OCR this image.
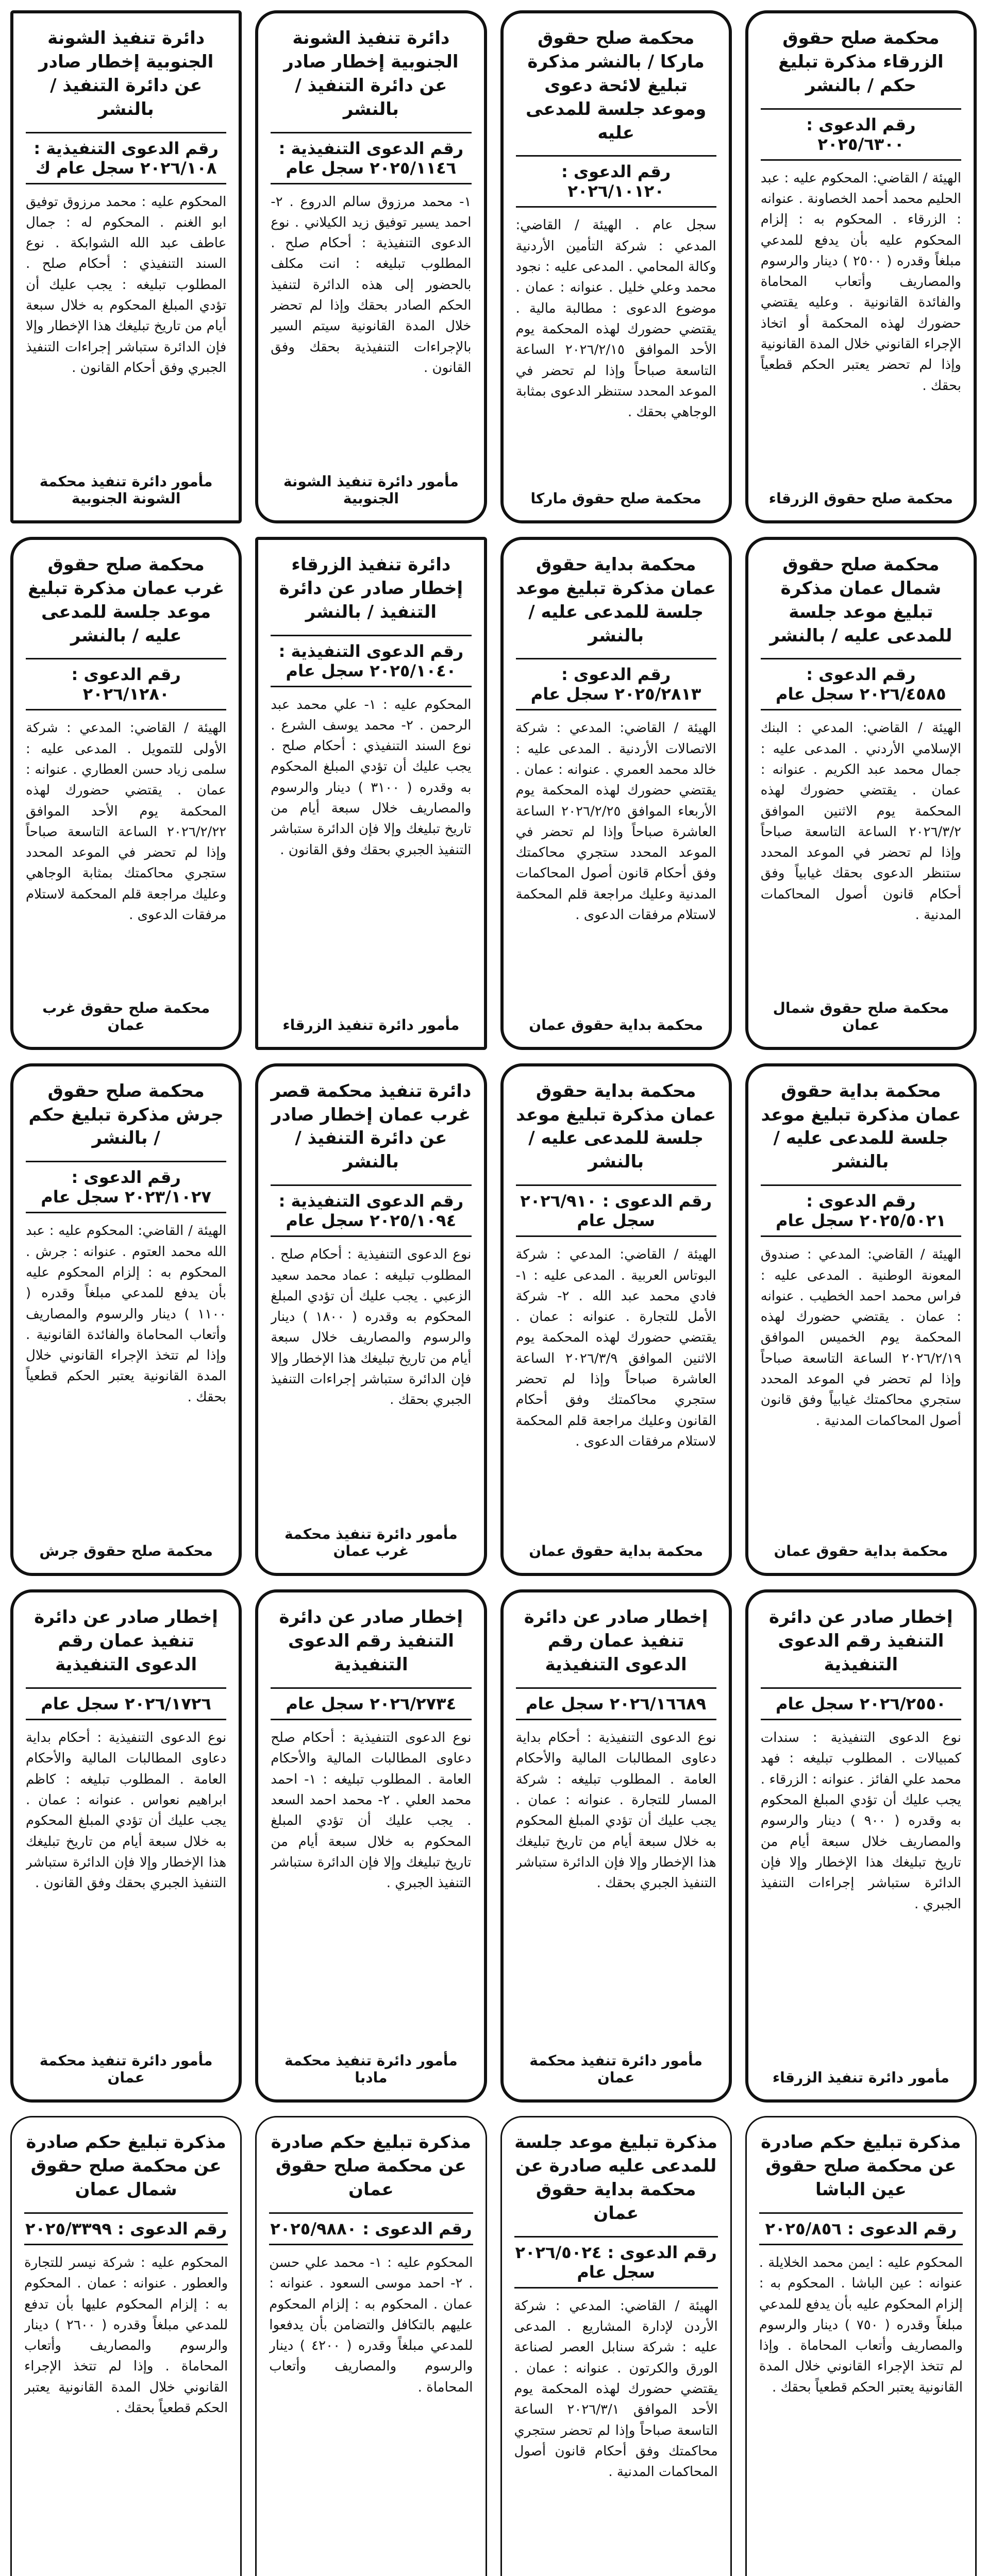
محكمة صلح حقوق الزرقاء مذكرة تبليغ حكم / بالنشر
رقم الدعوى : ٢٠٢٥/٦٣٠٠
الهيئة / القاضي: المحكوم عليه : عبد الحليم محمد أحمد الخصاونة . عنوانه : الزرقاء . المحكوم به : إلزام المحكوم عليه بأن يدفع للمدعي مبلغاً وقدره ( ٢٥٠٠ ) دينار والرسوم والمصاريف وأتعاب المحاماة والفائدة القانونية . وعليه يقتضي حضورك لهذه المحكمة أو اتخاذ الإجراء القانوني خلال المدة القانونية وإذا لم تحضر يعتبر الحكم قطعياً بحقك .
محكمة صلح حقوق الزرقاء
محكمة صلح حقوق ماركا / بالنشر مذكرة تبليغ لائحة دعوى وموعد جلسة للمدعى عليه
رقم الدعوى : ٢٠٢٦/١٠١٢٠
سجل عام . الهيئة / القاضي: المدعي : شركة التأمين الأردنية وكالة المحامي . المدعى عليه : نجود محمد وعلي خليل . عنوانه : عمان . موضوع الدعوى : مطالبة مالية . يقتضي حضورك لهذه المحكمة يوم الأحد الموافق ٢٠٢٦/٢/١٥ الساعة التاسعة صباحاً وإذا لم تحضر في الموعد المحدد ستنظر الدعوى بمثابة الوجاهي بحقك .
محكمة صلح حقوق ماركا
دائرة تنفيذ الشونة الجنوبية إخطار صادر عن دائرة التنفيذ / بالنشر
رقم الدعوى التنفيذية : ٢٠٢٥/١١٤٦ سجل عام
١- محمد مرزوق سالم الدروع . ٢- احمد يسير توفيق زيد الكيلاني . نوع الدعوى التنفيذية : أحكام صلح . المطلوب تبليغه : انت مكلف بالحضور إلى هذه الدائرة لتنفيذ الحكم الصادر بحقك وإذا لم تحضر خلال المدة القانونية سيتم السير بالإجراءات التنفيذية بحقك وفق القانون .
مأمور دائرة تنفيذ الشونة الجنوبية
دائرة تنفيذ الشونة الجنوبية إخطار صادر عن دائرة التنفيذ / بالنشر
رقم الدعوى التنفيذية : ٢٠٢٦/١٠٨ سجل عام ك
المحكوم عليه : محمد مرزوق توفيق ابو الغنم . المحكوم له : جمال عاطف عبد الله الشوابكة . نوع السند التنفيذي : أحكام صلح . المطلوب تبليغه : يجب عليك أن تؤدي المبلغ المحكوم به خلال سبعة أيام من تاريخ تبليغك هذا الإخطار وإلا فإن الدائرة ستباشر إجراءات التنفيذ الجبري وفق أحكام القانون .
مأمور دائرة تنفيذ محكمة الشونة الجنوبية
محكمة صلح حقوق شمال عمان مذكرة تبليغ موعد جلسة للمدعى عليه / بالنشر
رقم الدعوى : ٢٠٢٦/٤٥٨٥ سجل عام
الهيئة / القاضي: المدعي : البنك الإسلامي الأردني . المدعى عليه : جمال محمد عبد الكريم . عنوانه : عمان . يقتضي حضورك لهذه المحكمة يوم الاثنين الموافق ٢٠٢٦/٣/٢ الساعة التاسعة صباحاً وإذا لم تحضر في الموعد المحدد ستنظر الدعوى بحقك غيابياً وفق أحكام قانون أصول المحاكمات المدنية .
محكمة صلح حقوق شمال عمان
محكمة بداية حقوق عمان مذكرة تبليغ موعد جلسة للمدعى عليه / بالنشر
رقم الدعوى : ٢٠٢٥/٢٨١٣ سجل عام
الهيئة / القاضي: المدعي : شركة الاتصالات الأردنية . المدعى عليه : خالد محمد العمري . عنوانه : عمان . يقتضي حضورك لهذه المحكمة يوم الأربعاء الموافق ٢٠٢٦/٢/٢٥ الساعة العاشرة صباحاً وإذا لم تحضر في الموعد المحدد ستجري محاكمتك وفق أحكام قانون أصول المحاكمات المدنية وعليك مراجعة قلم المحكمة لاستلام مرفقات الدعوى .
محكمة بداية حقوق عمان
دائرة تنفيذ الزرقاء إخطار صادر عن دائرة التنفيذ / بالنشر
رقم الدعوى التنفيذية : ٢٠٢٥/١٠٤٠ سجل عام
المحكوم عليه : ١- علي محمد عبد الرحمن . ٢- محمد يوسف الشرع . نوع السند التنفيذي : أحكام صلح . يجب عليك أن تؤدي المبلغ المحكوم به وقدره ( ٣١٠٠ ) دينار والرسوم والمصاريف خلال سبعة أيام من تاريخ تبليغك وإلا فإن الدائرة ستباشر التنفيذ الجبري بحقك وفق القانون .
مأمور دائرة تنفيذ الزرقاء
محكمة صلح حقوق غرب عمان مذكرة تبليغ موعد جلسة للمدعى عليه / بالنشر
رقم الدعوى : ٢٠٢٦/١٢٨٠
الهيئة / القاضي: المدعي : شركة الأولى للتمويل . المدعى عليه : سلمى زياد حسن العطاري . عنوانه : عمان . يقتضي حضورك لهذه المحكمة يوم الأحد الموافق ٢٠٢٦/٢/٢٢ الساعة التاسعة صباحاً وإذا لم تحضر في الموعد المحدد ستجري محاكمتك بمثابة الوجاهي وعليك مراجعة قلم المحكمة لاستلام مرفقات الدعوى .
محكمة صلح حقوق غرب عمان
محكمة بداية حقوق عمان مذكرة تبليغ موعد جلسة للمدعى عليه / بالنشر
رقم الدعوى : ٢٠٢٥/٥٠٢١ سجل عام
الهيئة / القاضي: المدعي : صندوق المعونة الوطنية . المدعى عليه : فراس محمد احمد الخطيب . عنوانه : عمان . يقتضي حضورك لهذه المحكمة يوم الخميس الموافق ٢٠٢٦/٢/١٩ الساعة التاسعة صباحاً وإذا لم تحضر في الموعد المحدد ستجري محاكمتك غيابياً وفق قانون أصول المحاكمات المدنية .
محكمة بداية حقوق عمان
محكمة بداية حقوق عمان مذكرة تبليغ موعد جلسة للمدعى عليه / بالنشر
رقم الدعوى : ٢٠٢٦/٩١٠ سجل عام
الهيئة / القاضي: المدعي : شركة البوتاس العربية . المدعى عليه : ١- فادي محمد عبد الله . ٢- شركة الأمل للتجارة . عنوانه : عمان . يقتضي حضورك لهذه المحكمة يوم الاثنين الموافق ٢٠٢٦/٣/٩ الساعة العاشرة صباحاً وإذا لم تحضر ستجري محاكمتك وفق أحكام القانون وعليك مراجعة قلم المحكمة لاستلام مرفقات الدعوى .
محكمة بداية حقوق عمان
دائرة تنفيذ محكمة قصر غرب عمان إخطار صادر عن دائرة التنفيذ / بالنشر
رقم الدعوى التنفيذية : ٢٠٢٥/١٠٩٤ سجل عام
نوع الدعوى التنفيذية : أحكام صلح . المطلوب تبليغه : عماد محمد سعيد الزعبي . يجب عليك أن تؤدي المبلغ المحكوم به وقدره ( ١٨٠٠ ) دينار والرسوم والمصاريف خلال سبعة أيام من تاريخ تبليغك هذا الإخطار وإلا فإن الدائرة ستباشر إجراءات التنفيذ الجبري بحقك .
مأمور دائرة تنفيذ محكمة غرب عمان
محكمة صلح حقوق جرش مذكرة تبليغ حكم / بالنشر
رقم الدعوى : ٢٠٢٣/١٠٢٧ سجل عام
الهيئة / القاضي: المحكوم عليه : عبد الله محمد العتوم . عنوانه : جرش . المحكوم به : إلزام المحكوم عليه بأن يدفع للمدعي مبلغاً وقدره ( ١١٠٠ ) دينار والرسوم والمصاريف وأتعاب المحاماة والفائدة القانونية . وإذا لم تتخذ الإجراء القانوني خلال المدة القانونية يعتبر الحكم قطعياً بحقك .
محكمة صلح حقوق جرش
إخطار صادر عن دائرة التنفيذ رقم الدعوى التنفيذية
٢٠٢٦/٢٥٥٠ سجل عام
نوع الدعوى التنفيذية : سندات كمبيالات . المطلوب تبليغه : فهد محمد علي الفائز . عنوانه : الزرقاء . يجب عليك أن تؤدي المبلغ المحكوم به وقدره ( ٩٠٠ ) دينار والرسوم والمصاريف خلال سبعة أيام من تاريخ تبليغك هذا الإخطار وإلا فإن الدائرة ستباشر إجراءات التنفيذ الجبري .
مأمور دائرة تنفيذ الزرقاء
إخطار صادر عن دائرة تنفيذ عمان رقم الدعوى التنفيذية
٢٠٢٦/١٦٦٨٩ سجل عام
نوع الدعوى التنفيذية : أحكام بداية دعاوى المطالبات المالية والأحكام العامة . المطلوب تبليغه : شركة المسار للتجارة . عنوانه : عمان . يجب عليك أن تؤدي المبلغ المحكوم به خلال سبعة أيام من تاريخ تبليغك هذا الإخطار وإلا فإن الدائرة ستباشر التنفيذ الجبري بحقك .
مأمور دائرة تنفيذ محكمة عمان
إخطار صادر عن دائرة التنفيذ رقم الدعوى التنفيذية
٢٠٢٦/٢٧٣٤ سجل عام
نوع الدعوى التنفيذية : أحكام صلح دعاوى المطالبات المالية والأحكام العامة . المطلوب تبليغه : ١- احمد محمد العلي . ٢- محمد احمد السعد . يجب عليك أن تؤدي المبلغ المحكوم به خلال سبعة أيام من تاريخ تبليغك وإلا فإن الدائرة ستباشر التنفيذ الجبري .
مأمور دائرة تنفيذ محكمة مادبا
إخطار صادر عن دائرة تنفيذ عمان رقم الدعوى التنفيذية
٢٠٢٦/١٧٢٦ سجل عام
نوع الدعوى التنفيذية : أحكام بداية دعاوى المطالبات المالية والأحكام العامة . المطلوب تبليغه : كاظم ابراهيم نعواس . عنوانه : عمان . يجب عليك أن تؤدي المبلغ المحكوم به خلال سبعة أيام من تاريخ تبليغك هذا الإخطار وإلا فإن الدائرة ستباشر التنفيذ الجبري بحقك وفق القانون .
مأمور دائرة تنفيذ محكمة عمان
مذكرة تبليغ حكم صادرة عن محكمة صلح حقوق عين الباشا
رقم الدعوى : ٢٠٢٥/٨٥٦
المحكوم عليه : ايمن محمد الخلايلة . عنوانه : عين الباشا . المحكوم به : إلزام المحكوم عليه بأن يدفع للمدعي مبلغاً وقدره ( ٧٥٠ ) دينار والرسوم والمصاريف وأتعاب المحاماة . وإذا لم تتخذ الإجراء القانوني خلال المدة القانونية يعتبر الحكم قطعياً بحقك .
مذكرة تبليغ موعد جلسة للمدعى عليه صادرة عن محكمة بداية حقوق عمان
رقم الدعوى : ٢٠٢٦/٥٠٢٤ سجل عام
الهيئة / القاضي: المدعي : شركة الأردن لإدارة المشاريع . المدعى عليه : شركة سنابل العصر لصناعة الورق والكرتون . عنوانه : عمان . يقتضي حضورك لهذه المحكمة يوم الأحد الموافق ٢٠٢٦/٣/١ الساعة التاسعة صباحاً وإذا لم تحضر ستجري محاكمتك وفق أحكام قانون أصول المحاكمات المدنية .
مذكرة تبليغ حكم صادرة عن محكمة صلح حقوق عمان
رقم الدعوى : ٢٠٢٥/٩٨٨٠
المحكوم عليه : ١- محمد علي حسن . ٢- احمد موسى السعود . عنوانه : عمان . المحكوم به : إلزام المحكوم عليهم بالتكافل والتضامن بأن يدفعوا للمدعي مبلغاً وقدره ( ٤٢٠٠ ) دينار والرسوم والمصاريف وأتعاب المحاماة .
مذكرة تبليغ حكم صادرة عن محكمة صلح حقوق شمال عمان
رقم الدعوى : ٢٠٢٥/٣٣٩٩
المحكوم عليه : شركة نيسر للتجارة والعطور . عنوانه : عمان . المحكوم به : إلزام المحكوم عليها بأن تدفع للمدعي مبلغاً وقدره ( ٢٦٠٠ ) دينار والرسوم والمصاريف وأتعاب المحاماة . وإذا لم تتخذ الإجراء القانوني خلال المدة القانونية يعتبر الحكم قطعياً بحقك .
